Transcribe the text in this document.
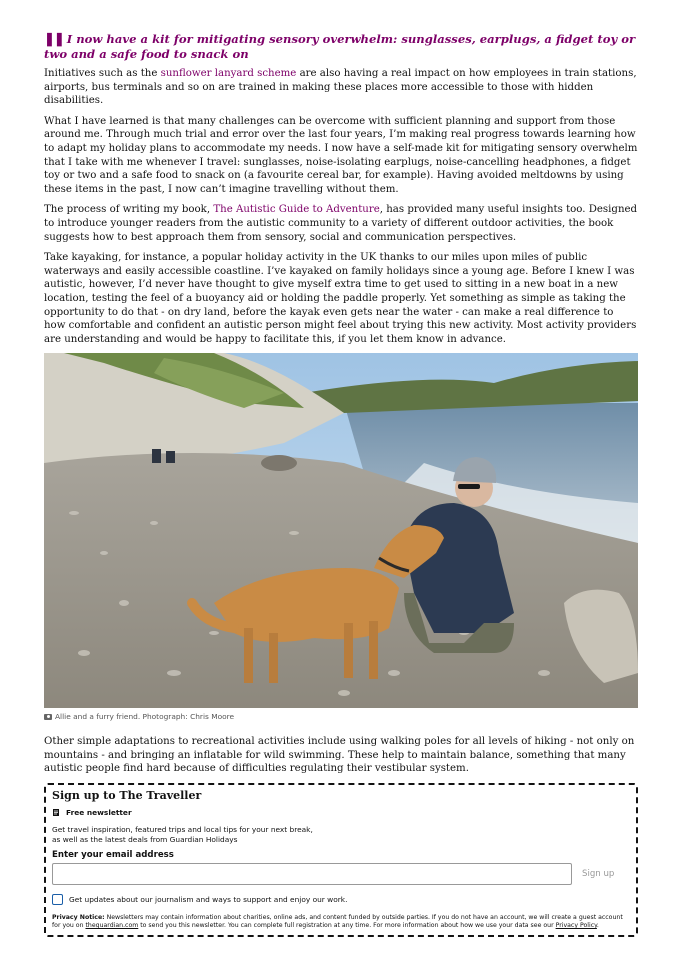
❚❚ I now have a kit for mitigating sensory overwhelm: sunglasses, earplugs, a fidget toy or two and a safe food to snack on

Initiatives such as the sunflower lanyard scheme are also having a real impact on how employees in train stations, airports, bus terminals and so on are trained in making these places more accessible to those with hidden disabilities.

What I have learned is that many challenges can be overcome with sufficient planning and support from those around me. Through much trial and error over the last four years, I’m making real progress towards learning how to adapt my holiday plans to accommodate my needs. I now have a self-made kit for mitigating sensory overwhelm that I take with me whenever I travel: sunglasses, noise-isolating earplugs, noise-cancelling headphones, a fidget toy or two and a safe food to snack on (a favourite cereal bar, for example). Having avoided meltdowns by using these items in the past, I now can’t imagine travelling without them.

The process of writing my book, The Autistic Guide to Adventure, has provided many useful insights too. Designed to introduce younger readers from the autistic community to a variety of different outdoor activities, the book suggests how to best approach them from sensory, social and communication perspectives.

Take kayaking, for instance, a popular holiday activity in the UK thanks to our miles upon miles of public waterways and easily accessible coastline. I’ve kayaked on family holidays since a young age. Before I knew I was autistic, however, I’d never have thought to give myself extra time to get used to sitting in a new boat in a new location, testing the feel of a buoyancy aid or holding the paddle properly. Yet something as simple as taking the opportunity to do that - on dry land, before the kayak even gets near the water - can make a real difference to how comfortable and confident an autistic person might feel about trying this new activity. Most activity providers are understanding and would be happy to facilitate this, if you let them know in advance.

Allie and a furry friend. Photograph: Chris Moore

Other simple adaptations to recreational activities include using walking poles for all levels of hiking - not only on mountains - and bringing an inflatable for wild swimming. These help to maintain balance, something that many autistic people find hard because of difficulties regulating their vestibular system.

Sign up to The Traveller
Free newsletter

Get travel inspiration, featured trips and local tips for your next break, as well as the latest deals from Guardian Holidays

Enter your email address
Sign up
Get updates about our journalism and ways to support and enjoy our work.

Privacy Notice: Newsletters may contain information about charities, online ads, and content funded by outside parties. If you do not have an account, we will create a guest account for you on theguardian.com to send you this newsletter. You can complete full registration at any time. For more information about how we use your data see our Privacy Policy.
